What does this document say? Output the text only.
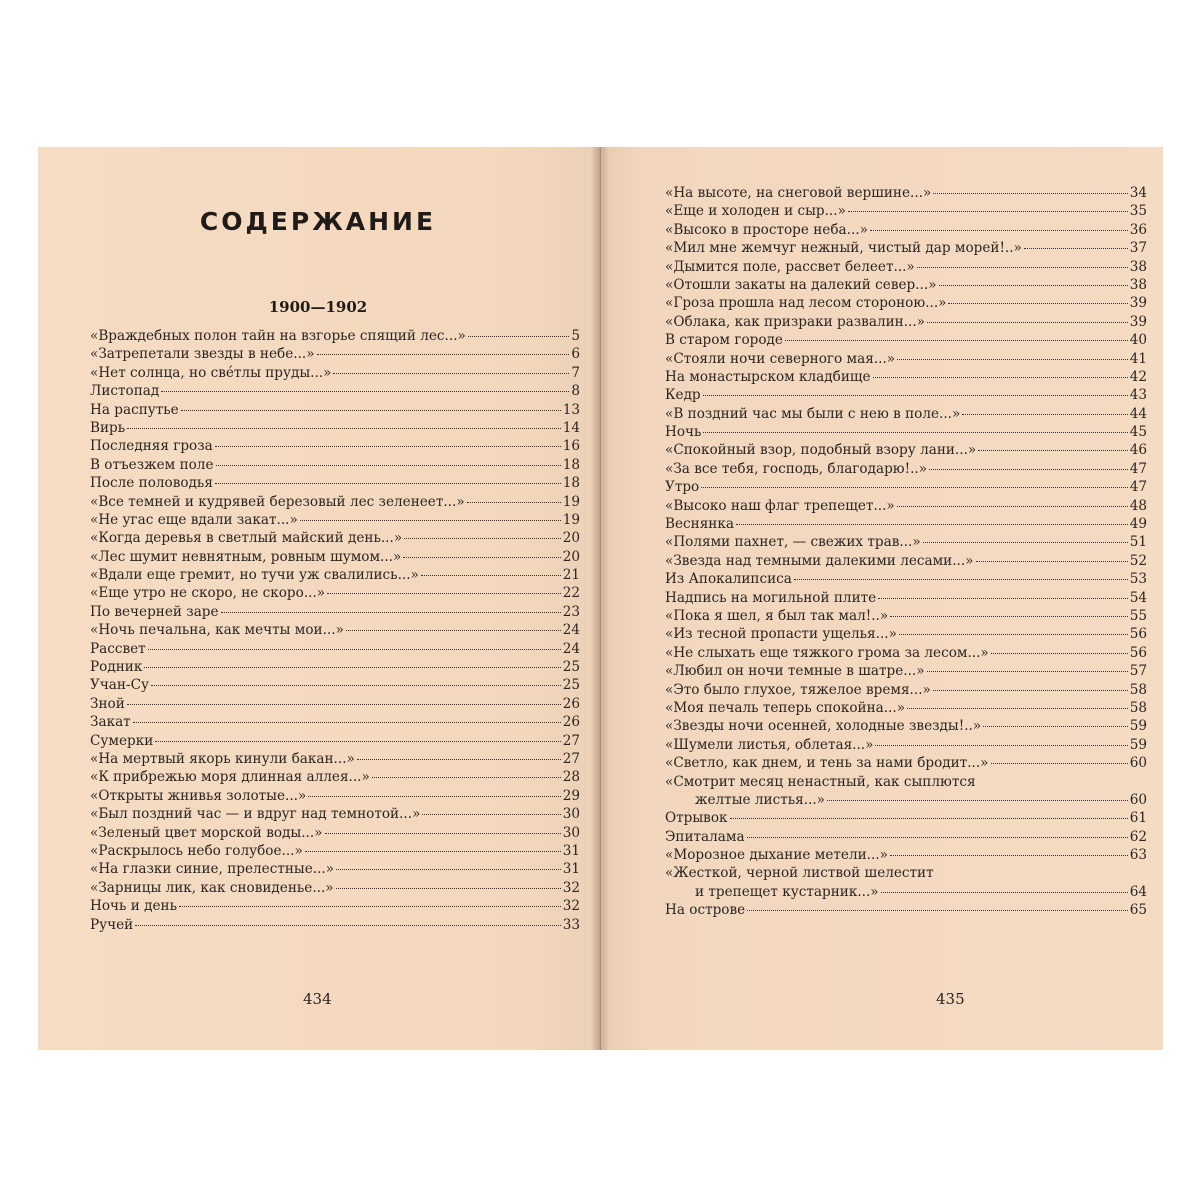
СОДЕРЖАНИЕ
1900—1902
«Враждебных полон тайн на взгорье спящий лес...»	5
«Затрепетали звезды в небе...»	6
«Нет солнца, но свéтлы пруды...»	7
Листопад	8
На распутье	13
Вирь	14
Последняя гроза	16
В отъезжем поле	18
После половодья	18
«Все темней и кудрявей березовый лес зеленеет...»	19
«Не угас еще вдали закат...»	19
«Когда деревья в светлый майский день...»	20
«Лес шумит невнятным, ровным шумом...»	20
«Вдали еще гремит, но тучи уж свалились...»	21
«Еще утро не скоро, не скоро...»	22
По вечерней заре	23
«Ночь печальна, как мечты мои...»	24
Рассвет	24
Родник	25
Учан-Су	25
Зной	26
Закат	26
Сумерки	27
«На мертвый якорь кинули бакан...»	27
«К прибрежью моря длинная аллея...»	28
«Открыты жнивья золотые...»	29
«Был поздний час — и вдруг над темнотой...»	30
«Зеленый цвет морской воды...»	30
«Раскрылось небо голубое...»	31
«На глазки синие, прелестные...»	31
«Зарницы лик, как сновиденье...»	32
Ночь и день	32
Ручей	33
434
«На высоте, на снеговой вершине...»	34
«Еще и холоден и сыр...»	35
«Высоко в просторе неба...»	36
«Мил мне жемчуг нежный, чистый дар морей!..»	37
«Дымится поле, рассвет белеет...»	38
«Отошли закаты на далекий север...»	38
«Гроза прошла над лесом стороною...»	39
«Облака, как призраки развалин...»	39
В старом городе	40
«Стояли ночи северного мая...»	41
На монастырском кладбище	42
Кедр	43
«В поздний час мы были с нею в поле...»	44
Ночь	45
«Спокойный взор, подобный взору лани...»	46
«За все тебя, господь, благодарю!..»	47
Утро	47
«Высоко наш флаг трепещет...»	48
Веснянка	49
«Полями пахнет, — свежих трав...»	51
«Звезда над темными далекими лесами...»	52
Из Апокалипсиса	53
Надпись на могильной плите	54
«Пока я шел, я был так мал!..»	55
«Из тесной пропасти ущелья...»	56
«Не слыхать еще тяжкого грома за лесом...»	56
«Любил он ночи темные в шатре...»	57
«Это было глухое, тяжелое время...»	58
«Моя печаль теперь спокойна...»	58
«Звезды ночи осенней, холодные звезды!..»	59
«Шумели листья, облетая...»	59
«Светло, как днем, и тень за нами бродит...»	60
«Смотрит месяц ненастный, как сыплются
желтые листья...»	60
Отрывок	61
Эпиталама	62
«Морозное дыхание метели...»	63
«Жесткой, черной листвой шелестит
и трепещет кустарник...»	64
На острове	65
435
